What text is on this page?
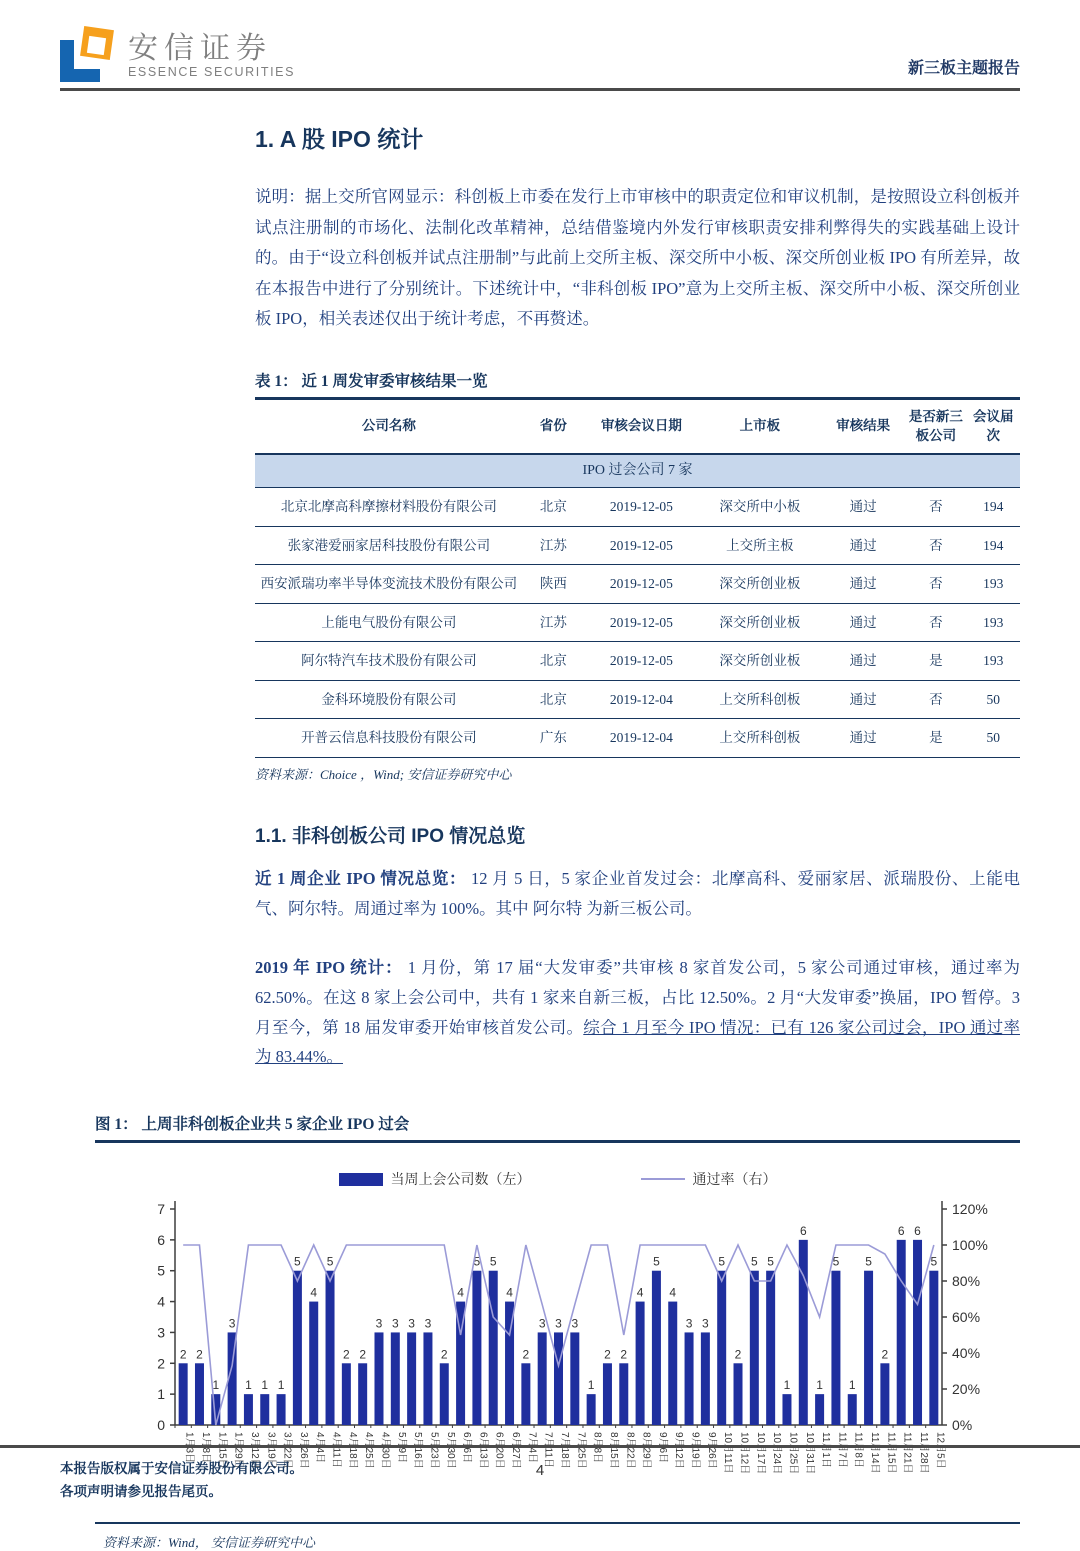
安信证券
ESSENCE SECURITIES	新三板主题报告
1. A 股 IPO 统计
说明：据上交所官网显示：科创板上市委在发行上市审核中的职责定位和审议机制，是按照设立科创板并试点注册制的市场化、法制化改革精神，总结借鉴境内外发行审核职责安排利弊得失的实践基础上设计的。由于“设立科创板并试点注册制”与此前上交所主板、深交所中小板、深交所创业板 IPO 有所差异，故在本报告中进行了分别统计。下述统计中，“非科创板 IPO”意为上交所主板、深交所中小板、深交所创业板 IPO，相关表述仅出于统计考虑，不再赘述。
表 1： 近 1 周发审委审核结果一览
公司名称	省份	审核会议日期	上市板	审核结果	是否新三板公司	会议届次
IPO 过会公司 7 家						
北京北摩高科摩擦材料股份有限公司	北京	2019-12-05	深交所中小板	通过	否	194
张家港爱丽家居科技股份有限公司	江苏	2019-12-05	上交所主板	通过	否	194
西安派瑞功率半导体变流技术股份有限公司	陕西	2019-12-05	深交所创业板	通过	否	193
上能电气股份有限公司	江苏	2019-12-05	深交所创业板	通过	否	193
阿尔特汽车技术股份有限公司	北京	2019-12-05	深交所创业板	通过	是	193
金科环境股份有限公司	北京	2019-12-04	上交所科创板	通过	否	50
开普云信息科技股份有限公司	广东	2019-12-04	上交所科创板	通过	是	50
资料来源：Choice ，Wind; 安信证券研究中心
1.1. 非科创板公司 IPO 情况总览
近 1 周企业 IPO 情况总览： 12 月 5 日，5 家企业首发过会：北摩高科、爱丽家居、派瑞股份、上能电气、阿尔特。周通过率为 100%。其中 阿尔特 为新三板公司。
2019 年 IPO 统计： 1 月份，第 17 届“大发审委”共审核 8 家首发公司，5 家公司通过审核，通过率为 62.50%。在这 8 家上会公司中，共有 1 家来自新三板，占比 12.50%。2 月“大发审委”换届，IPO 暂停。3 月至今，第 18 届发审委开始审核首发公司。综合 1 月至今 IPO 情况：已有 126 家公司过会，IPO 通过率为 83.44%。
图 1： 上周非科创板企业共 5 家企业 IPO 过会
当周上会公司数（左）	通过率（右）
0
1
2
3
4
5
6
7
0%
20%
40%
60%
80%
100%
120%
2
1月3日
2
1月8日
1
1月15日
3
1月29日
1
3月12日
1
3月19日
1
3月22日
5
3月26日
4
4月4日
5
4月11日
2
4月18日
2
4月25日
3
4月30日
3
5月9日
3
5月16日
3
5月23日
2
5月30日
4
6月6日
5
6月13日
5
6月20日
4
6月27日
2
7月4日
3
7月11日
3
7月18日
3
7月25日
1
8月8日
2
8月15日
2
8月22日
4
8月29日
5
9月6日
4
9月12日
3
9月19日
3
9月26日
5
10月11日
2
10月12日
5
10月17日
5
10月24日
1
10月25日
6
10月31日
1
11月1日
5
11月7日
1
11月8日
5
11月14日
2
11月15日
6
11月21日
6
11月28日
5
12月5日
资料来源：Wind， 安信证券研究中心
本报告版权属于安信证券股份有限公司。
各项声明请参见报告尾页。
4
